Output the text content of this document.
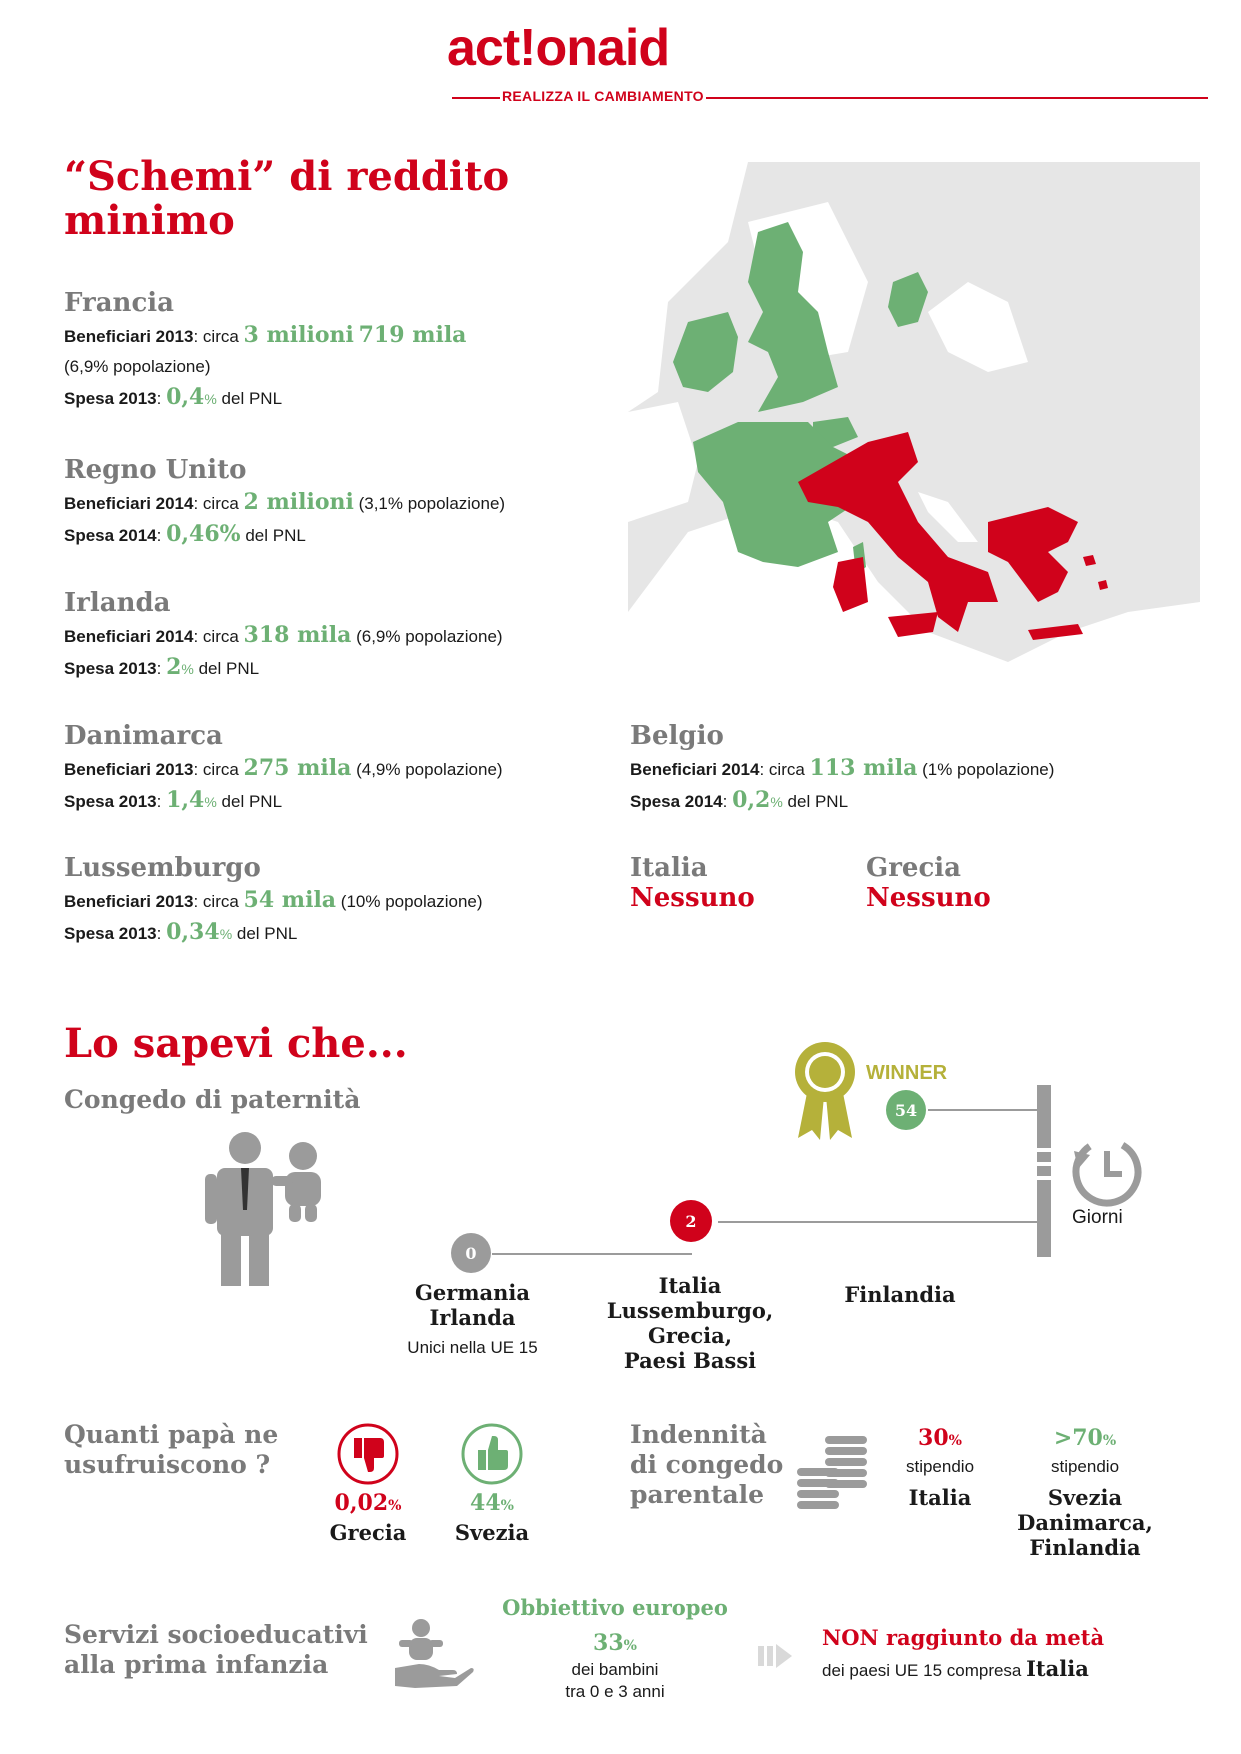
act!onaid
REALIZZA IL CAMBIAMENTO
“Schemi” di reddito
minimo
Francia
Beneficiari 2013: circa 3 milioni 719 mila
(6,9% popolazione)
Spesa 2013: 0,4% del PNL
Regno Unito
Beneficiari 2014: circa 2 milioni (3,1% popolazione)
Spesa 2014: 0,46% del PNL
Irlanda
Beneficiari 2014: circa 318 mila (6,9% popolazione)
Spesa 2013: 2% del PNL
Danimarca
Beneficiari 2013: circa 275 mila (4,9% popolazione)
Spesa 2013: 1,4% del PNL
Lussemburgo
Beneficiari 2013: circa 54 mila (10% popolazione)
Spesa 2013: 0,34% del PNL
Belgio
Beneficiari 2014: circa 113 mila (1% popolazione)
Spesa 2014: 0,2% del PNL
Italia
Nessuno
Grecia
Nessuno
Lo sapevi che...
Congedo di paternità
0
2
54
WINNER
Giorni
Germania
Irlanda
Unici nella UE 15
Italia
Lussemburgo,
Grecia,
Paesi Bassi
Finlandia
Quanti papà ne
usufruiscono ?
0,02%
Grecia
44%
Svezia
Indennità
di congedo
parentale
30%
stipendio
Italia
>70%
stipendio
Svezia
Danimarca,
Finlandia
Servizi socioeducativi
alla prima infanzia
Obbiettivo europeo
33%
dei bambini
tra 0 e 3 anni
NON raggiunto da metà
dei paesi UE 15 compresa Italia
